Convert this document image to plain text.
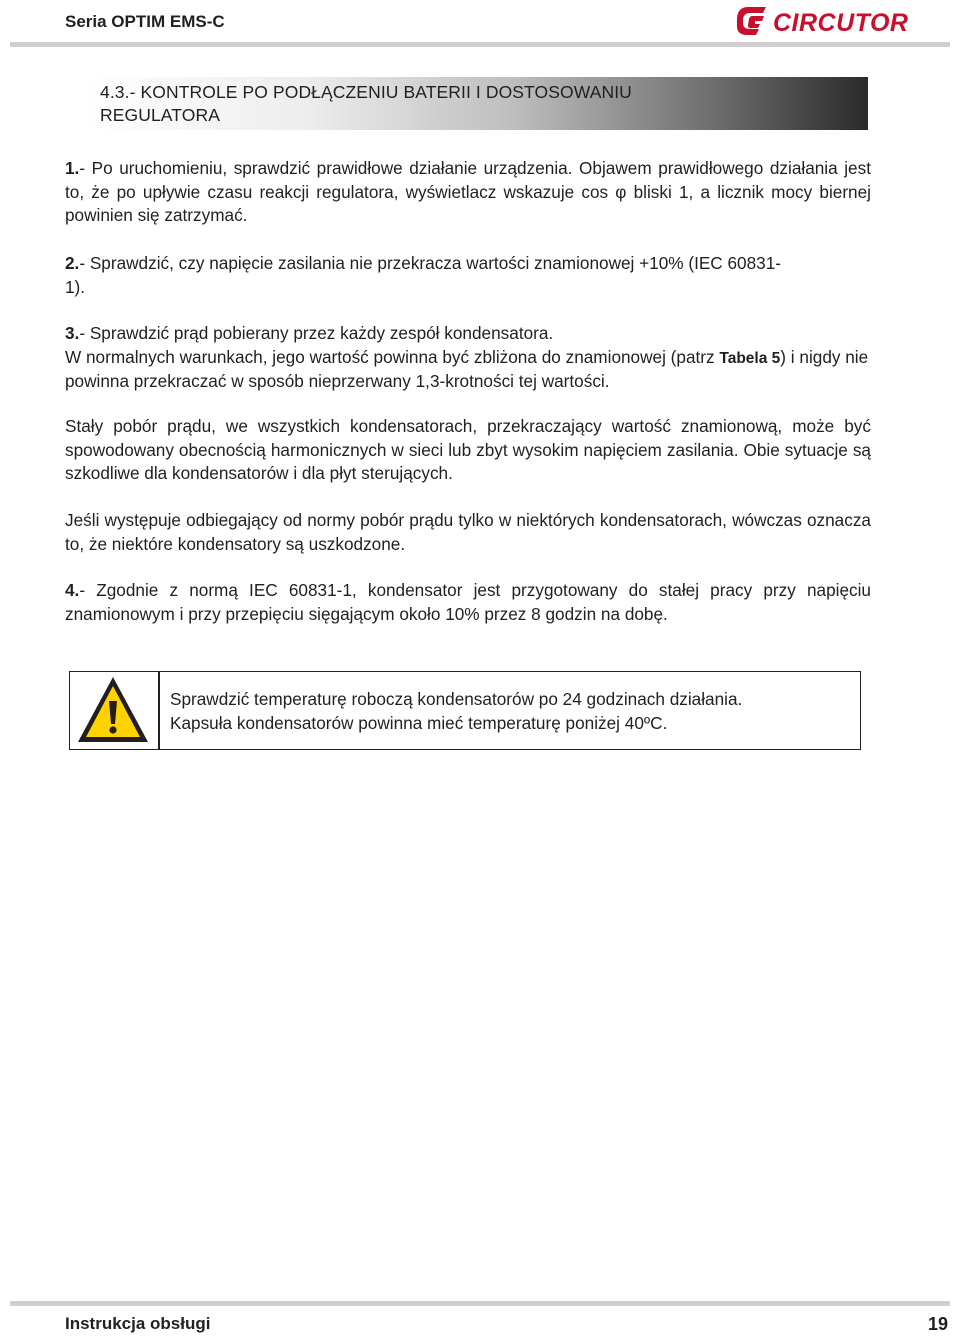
Seria OPTIM EMS-C	CIRCUTOR
4.3.- KONTROLE PO PODŁĄCZENIU BATERII I DOSTOSOWANIU
REGULATORA

1.- Po uruchomieniu, sprawdzić prawidłowe działanie urządzenia. Objawem prawidłowego działania jest to, że po upływie czasu reakcji regulatora, wyświetlacz wskazuje cos φ bliski 1, a licznik mocy biernej powinien się zatrzymać.

2.- Sprawdzić, czy napięcie zasilania nie przekracza wartości znamionowej +10% (IEC 60831-1).

3.- Sprawdzić prąd pobierany przez każdy zespół kondensatora.
W normalnych warunkach, jego wartość powinna być zbliżona do znamionowej (patrz Tabela 5) i nigdy nie powinna przekraczać w sposób nieprzerwany 1,3-krotności tej wartości.

Stały pobór prądu, we wszystkich kondensatorach, przekraczający wartość znamionową, może być spowodowany obecnością harmonicznych w sieci lub zbyt wysokim napięciem zasilania. Obie sytuacje są szkodliwe dla kondensatorów i dla płyt sterujących.

Jeśli występuje odbiegający od normy pobór prądu tylko w niektórych kondensatorach, wówczas oznacza to, że niektóre kondensatory są uszkodzone.

4.- Zgodnie z normą IEC 60831-1, kondensator jest przygotowany do stałej pracy przy napięciu znamionowym i przy przepięciu sięgającym około 10% przez 8 godzin na dobę.

Sprawdzić temperaturę roboczą kondensatorów po 24 godzinach działania.
Kapsuła kondensatorów powinna mieć temperaturę poniżej 40ºC.
Instrukcja obsługi	19
